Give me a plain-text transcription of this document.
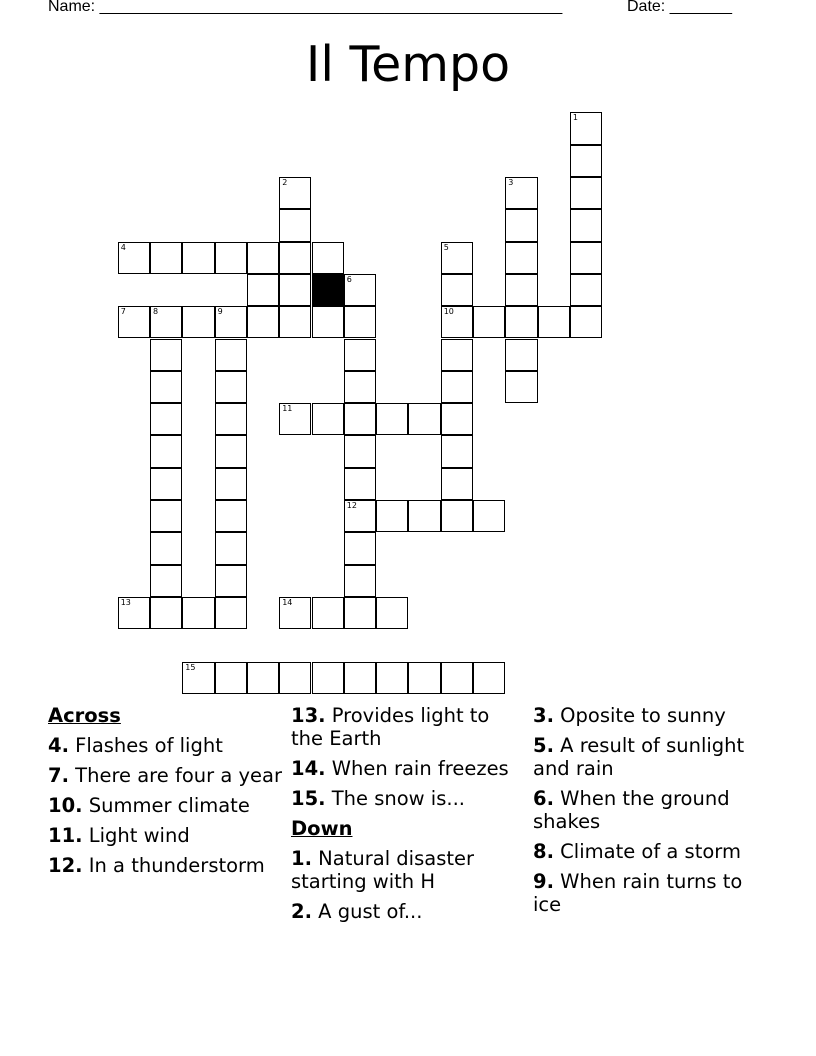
Name: ____________________________________________________	Date: _______
Il Tempo
1
2	3
4	5
10
6
12
7	8	9
11
13	14
15
Across
4. Flashes of light
7. There are four a year
10. Summer climate
11. Light wind
12. In a thunderstorm
13. Provides light to the Earth
14. When rain freezes
15. The snow is...
Down
1. Natural disaster starting with H
2. A gust of...
3. Oposite to sunny
5. A result of sunlight and rain
6. When the ground shakes
8. Climate of a storm
9. When rain turns to ice
